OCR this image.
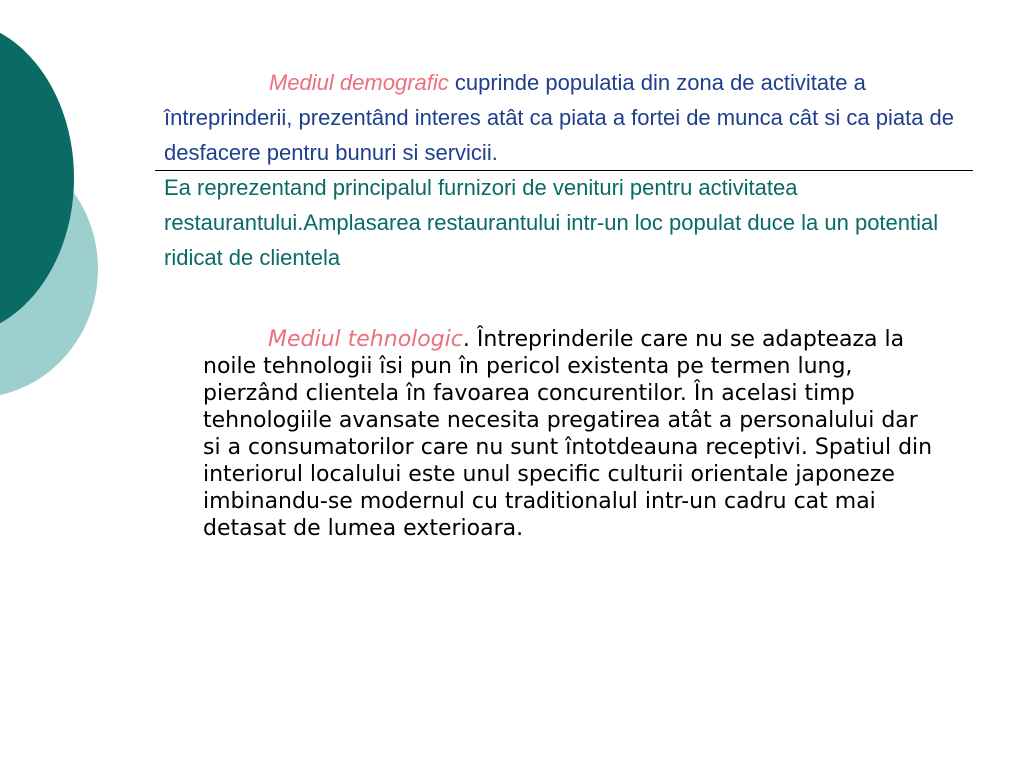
Mediul demografic cuprinde populatia din zona de activitate a întreprinderii, prezentând interes atât ca piata a fortei de munca cât si ca piata de desfacere pentru bunuri si servicii.

Ea reprezentand principalul furnizori de venituri pentru activitatea restaurantului.Amplasarea restaurantului intr-un loc populat duce la un potential ridicat de clientela

Mediul tehnologic. Întreprinderile care nu se adapteaza la noile tehnologii îsi pun în pericol existenta pe termen lung, pierzând clientela în favoarea concurentilor. În acelasi timp tehnologiile avansate necesita pregatirea atât a personalului dar si a consumatorilor care nu sunt întotdeauna receptivi. Spatiul din interiorul localului este unul specific culturii orientale japoneze imbinandu-se modernul cu traditionalul intr-un cadru cat mai detasat de lumea exterioara.
